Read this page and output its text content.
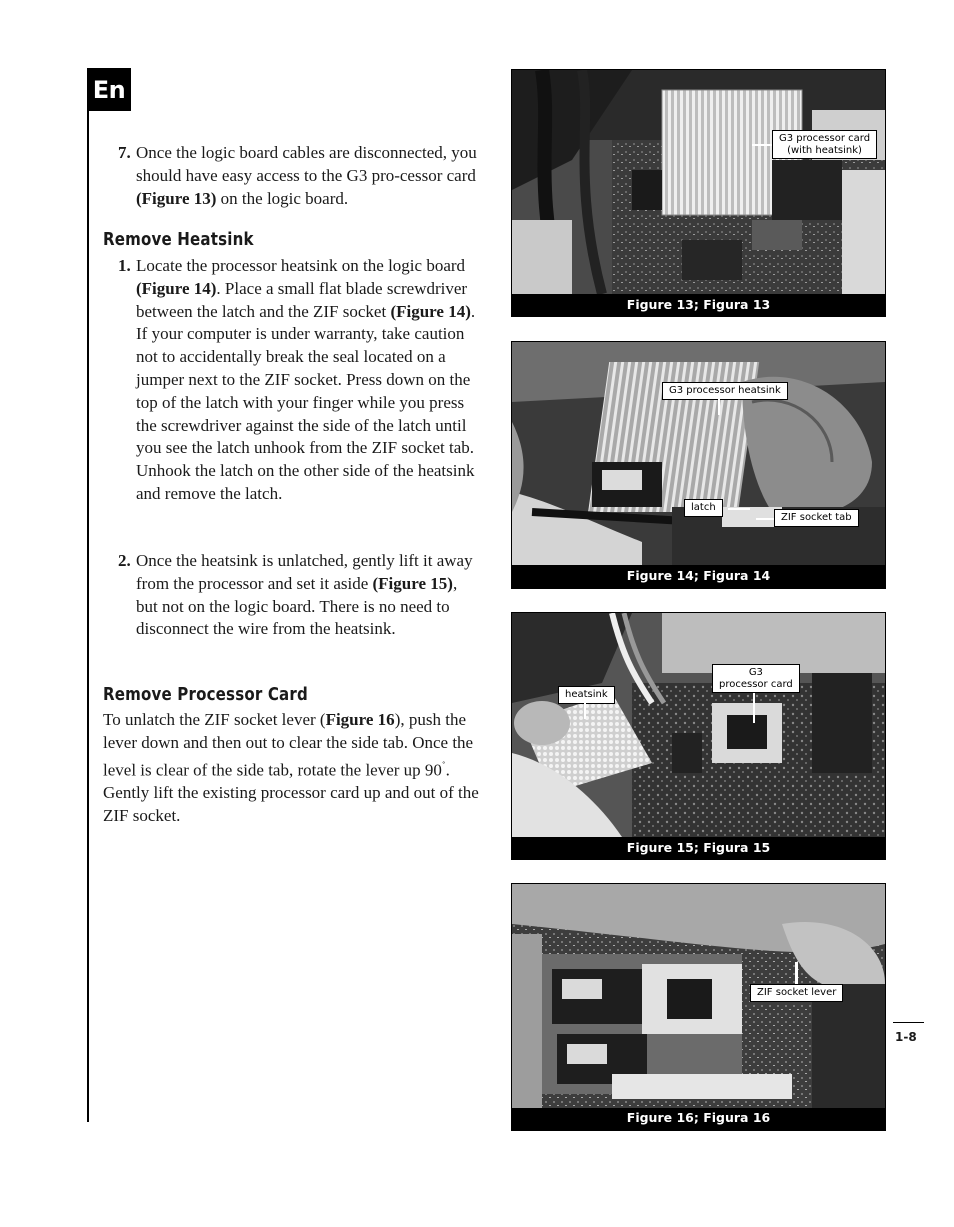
En
7. Once the logic board cables are disconnected, you should have easy access to the G3 pro-cessor card (Figure 13) on the logic board.
Remove Heatsink
1. Locate the processor heatsink on the logic board (Figure 14). Place a small flat blade screwdriver between the latch and the ZIF socket (Figure 14). If your computer is under warranty, take caution not to accidentally break the seal located on a jumper next to the ZIF socket. Press down on the top of the latch with your finger while you press the screwdriver against the side of the latch until you see the latch unhook from the ZIF socket tab. Unhook the latch on the other side of the heatsink and remove the latch.
2. Once the heatsink is unlatched, gently lift it away from the processor and set it aside (Figure 15), but not on the logic board. There is no need to disconnect the wire from the heatsink.
Remove Processor Card
To unlatch the ZIF socket lever (Figure 16), push the lever down and then out to clear the side tab. Once the level is clear of the side tab, rotate the lever up 90˚. Gently lift the existing processor card up and out of the ZIF socket.
G3 processor card
(with heatsink)
Figure 13; Figura 13
G3 processor heatsink
latch
ZIF socket tab
Figure 14; Figura 14
heatsink
G3
processor card
Figure 15; Figura 15
ZIF socket lever
Figure 16; Figura 16
1-8
